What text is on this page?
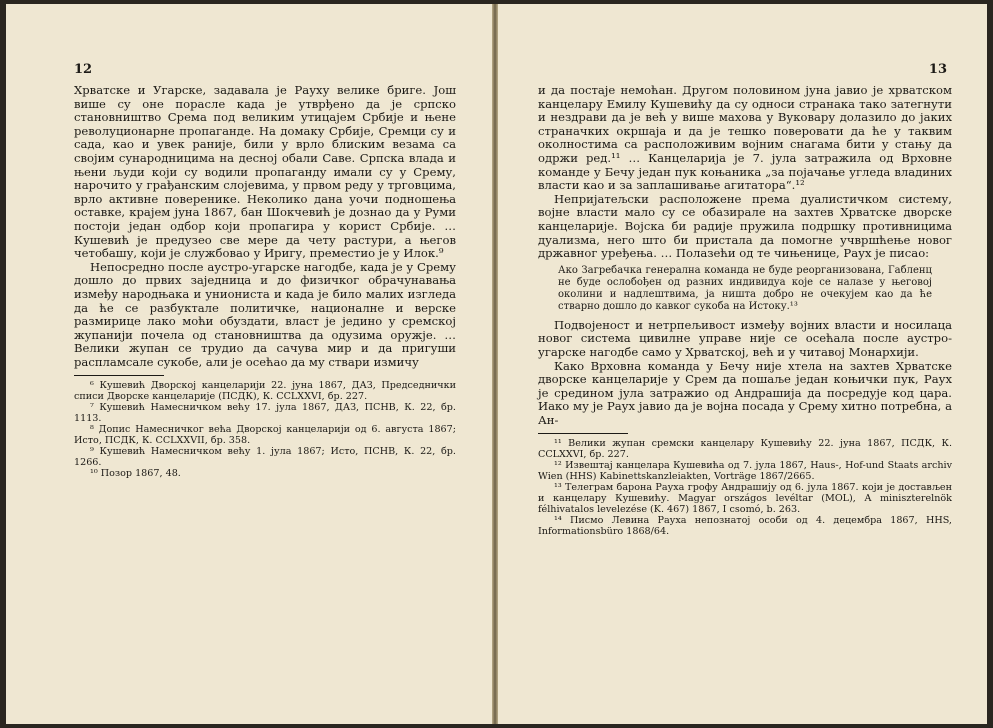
12

Хрватске и Угарске, задавала је Рауху велике бриге. Још више су оне порасле када је утврђено да је српско становништво Срема под великим утицајем Србије и њене револуционарне пропаганде. На домаку Србије, Сремци су и сада, као и увек раније, били у врло блиским везама са својим сународницима на десној обали Саве. Српска влада и њени људи који су водили пропаганду имали су у Срему, нарочито у грађанским слојевима, у првом реду у трговцима, врло активне поверенике. Неколико дана уочи подношења оставке, крајем јуна 1867, бан Шокчевић је дознао да у Руми постоји један одбор који пропагира у корист Србије. … Кушевић је предузео све мере да чету растури, а његов четобашу, који је службовао у Иригу, преместио је у Илок.⁹

Непосредно после аустро-угарске нагодбе, када је у Срему дошло до првих заједница и до физичког обрачунавања између народњака и униониста и када је било малих изгледа да ће се разбуктале политичке, националне и верске размирице лако моћи обуздати, власт је једино у сремској жупанији почела од становништва да одузима оружје. … Велики жупан се трудио да сачува мир и да пригуши распламсале сукобе, али је осећао да му ствари измичу

⁶ Кушевић Дворској канцеларији 22. јуна 1867, ДАЗ, Председнички списи Дворске канцеларије (ПСДК), К. CCLXXVI, бр. 227.

⁷ Кушевић Намесничком већу 17. јула 1867, ДАЗ, ПСНВ, К. 22, бр. 1113.

⁸ Допис Намесничког већа Дворској канцеларији од 6. августа 1867; Исто, ПСДК, К. CCLXXVII, бр. 358.

⁹ Кушевић Намесничком већу 1. јула 1867; Исто, ПСНВ, К. 22, бр. 1266.

¹⁰ Позор 1867, 48.

13

и да постаје немоћан. Другом половином јуна јавио је хрватском канцелару Емилу Кушевићу да су односи странака тако затегнути и нездрави да је већ у више махова у Вуковару долазило до јаких страначких окршаја и да је тешко поверовати да ће у таквим околностима са расположивим војним снагама бити у стању да одржи ред.¹¹ … Канцеларија је 7. јула затражила од Врховне команде у Бечу један пук коњаника „за појачање угледа владиних власти као и за заплашивање агитатора“.¹²

Непријатељски расположене према дуалистичком систему, војне власти мало су се обазирале на захтев Хрватске дворске канцеларије. Војска би радије пружила подршку противницима дуализма, него што би пристала да помогне учвршћење новог државног уређења. … Полазећи од те чињенице, Раух је писао:

Ако Загребачка генерална команда не буде реорганизована, Габленц не буде ослобођен од разних индивидуа које се налазе у његовој околини и надлештвима, ја ништа добро не очекујем као да ће стварно дошло до кавког сукоба на Истоку.¹³

Подвојеност и нетрпељивост између војних власти и носилаца новог система цивилне управе није се осећала после аустро-угарске нагодбе само у Хрватској, већ и у читавој Монархији.

Како Врховна команда у Бечу није хтела на захтев Хрватске дворске канцеларије у Срем да пошаље један коњички пук, Раух је средином јула затражио од Андрашија да посредује код цара. Иако му је Раух јавио да је војна посада у Срему хитно потребна, а Ан-

¹¹ Велики жупан сремски канцелару Кушевићу 22. јуна 1867, ПСДК, К. CCLXXVI, бр. 227.

¹² Извештај канцелара Кушевића од 7. јула 1867, Haus-, Hof-und Staats archiv Wien (HHS) Kabinettskanzleiakten, Vorträge 1867/2665.

¹³ Телеграм барона Рауха грофу Андрашију од 6. јула 1867. који је достављен и канцелару Кушевићу. Magyar országos levéltar (MOL), A miniszterelnök félhivatalos levelezése (K. 467) 1867, I csomó, b. 263.

¹⁴ Писмо Левина Рауха непознатој особи од 4. децембра 1867, HHS, Informationsbüro 1868/64.
